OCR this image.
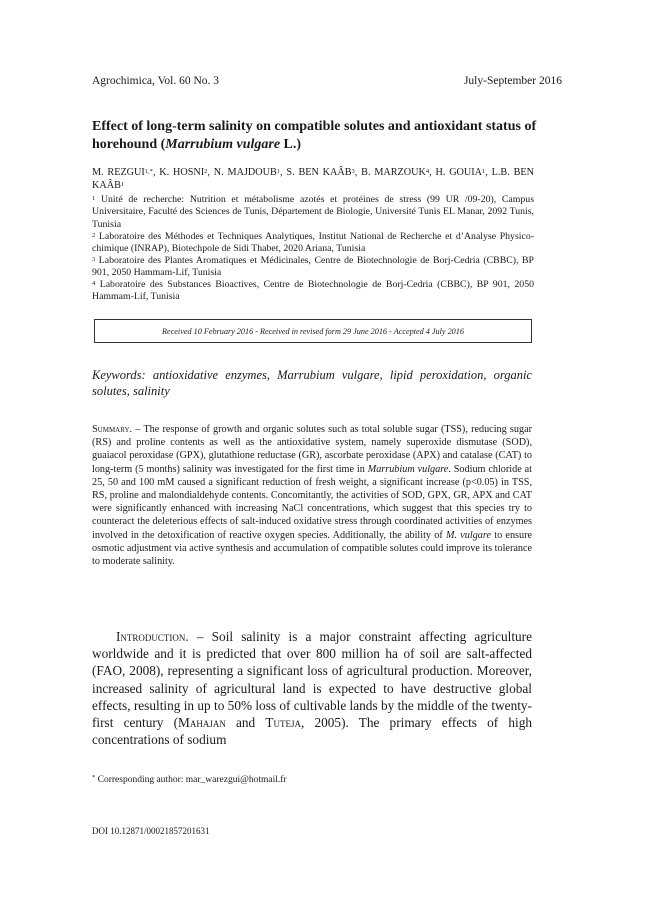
Agrochimica, Vol. 60 No. 3	July-September 2016
Effect of long-term salinity on compatible solutes and antioxidant status of horehound (Marrubium vulgare L.)
M. $REZGUI^{1,*}$, K. HOSNI$^2$, N. MAJDOUB$^1$, S. BEN KAÂB$^3$, B. MARZOUK$^4$, H. GOUIA$^1$, L.B. BEN KAÂB$^1$
$^1$ Unité de recherche: Nutrition et métabolisme azotés et protéines de stress (99 UR /09-20), Campus Universitaire, Faculté des Sciences de Tunis, Département de Biologie, Université Tunis EL Manar, 2092 Tunis, Tunisia
$^2$ Laboratoire des Méthodes et Techniques Analytiques, Institut National de Recherche et d’Analyse Physico-chimique (INRAP), Biotechpole de Sidi Thabet, 2020 Ariana, Tunisia
$^3$ Laboratoire des Plantes Aromatiques et Médicinales, Centre de Biotechnologie de Borj-Cedria (CBBC), BP 901, 2050 Hammam-Lif, Tunisia
$^4$ Laboratoire des Substances Bioactives, Centre de Biotechnologie de Borj-Cedria (CBBC), BP 901, 2050 Hammam-Lif, Tunisia
Received 10 February 2016 - Received in revised form 29 June 2016 - Accepted 4 July 2016
Keywords: antioxidative enzymes, Marrubium vulgare, lipid peroxidation, organic solutes, salinity
Summary. – The response of growth and organic solutes such as total soluble sugar (TSS), reducing sugar (RS) and proline contents as well as the antioxidative system, namely superoxide dismutase (SOD), guaiacol peroxidase (GPX), glutathione reductase (GR), ascorbate peroxidase (APX) and catalase (CAT) to long-term (5 months) salinity was investigated for the first time in Marrubium vulgare. Sodium chloride at 25, 50 and 100 mM caused a significant reduction of fresh weight, a significant increase (p<0.05) in TSS, RS, proline and malondialdehyde contents. Concomitantly, the activities of SOD, GPX, GR, APX and CAT were significantly enhanced with increasing NaCl concentrations, which suggest that this species try to counteract the deleterious effects of salt-induced oxidative stress through coordinated activities of enzymes involved in the detoxification of reactive oxygen species. Additionally, the ability of M. vulgare to ensure osmotic adjustment via active synthesis and accumulation of compatible solutes could improve its tolerance to moderate salinity.
Introduction. – Soil salinity is a major constraint affecting agriculture worldwide and it is predicted that over 800 million ha of soil are salt-affected (FAO, 2008), representing a significant loss of agricultural production. Moreover, increased salinity of agricultural land is expected to have destructive global effects, resulting in up to 50% loss of cultivable lands by the middle of the twenty-first century (Mahajan and Tuteja, 2005). The primary effects of high concentrations of sodium
* Corresponding author: mar_warezgui@hotmail.fr
DOI 10.12871/00021857201631
